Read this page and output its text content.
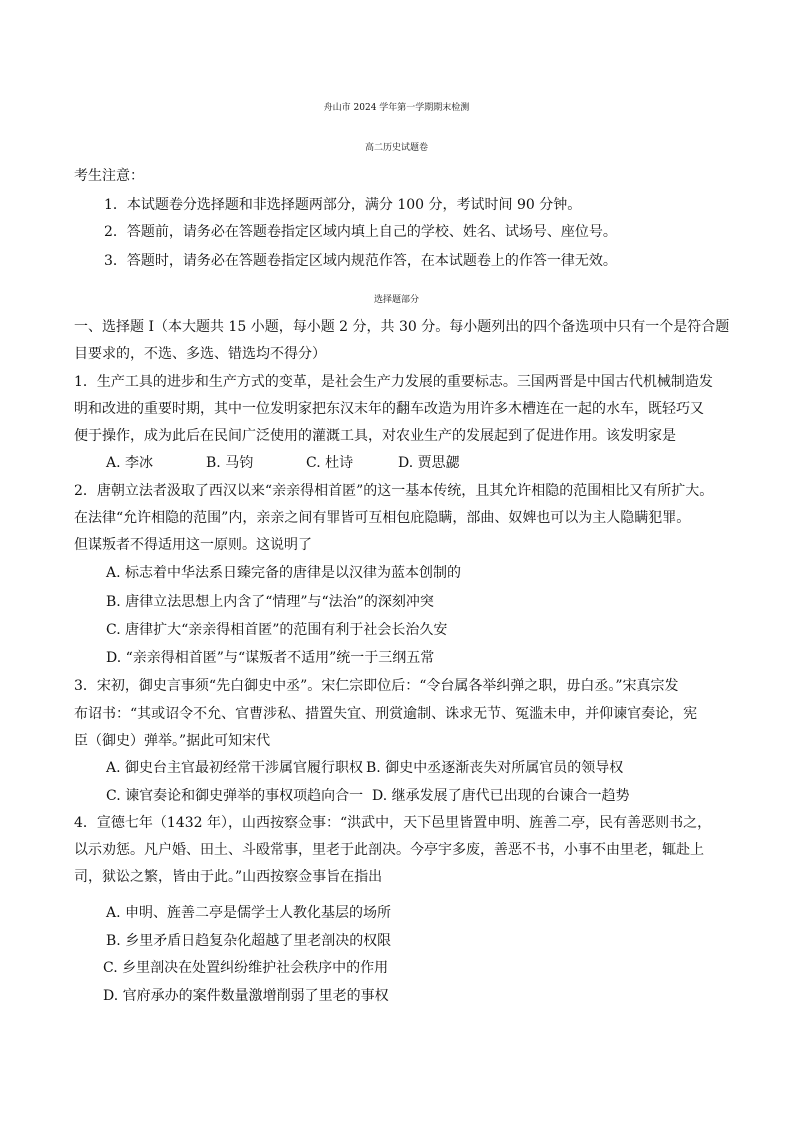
舟山市 2024 学年第一学期期末检测
高二历史试题卷
考生注意：
1．本试题卷分选择题和非选择题两部分，满分 100 分，考试时间 90 分钟。
2．答题前，请务必在答题卷指定区域内填上自己的学校、姓名、试场号、座位号。
3．答题时，请务必在答题卷指定区域内规范作答，在本试题卷上的作答一律无效。
选择题部分
一、选择题 I（本大题共 15 小题，每小题 2 分，共 30 分。每小题列出的四个备选项中只有一个是符合题
目要求的，不选、多选、错选均不得分）
1．生产工具的进步和生产方式的变革，是社会生产力发展的重要标志。三国两晋是中国古代机械制造发
明和改进的重要时期，其中一位发明家把东汉末年的翻车改造为用许多木槽连在一起的水车，既轻巧又
便于操作，成为此后在民间广泛使用的灌溉工具，对农业生产的发展起到了促进作用。该发明家是
A. 李冰	B. 马钧	C. 杜诗	D. 贾思勰
2．唐朝立法者汲取了西汉以来“亲亲得相首匿”的这一基本传统，且其允许相隐的范围相比又有所扩大。
在法律“允许相隐的范围”内，亲亲之间有罪皆可互相包庇隐瞒，部曲、奴婢也可以为主人隐瞒犯罪。
但谋叛者不得适用这一原则。这说明了
A. 标志着中华法系日臻完备的唐律是以汉律为蓝本创制的
B. 唐律立法思想上内含了“情理”与“法治”的深刻冲突
C. 唐律扩大“亲亲得相首匿”的范围有利于社会长治久安
D. “亲亲得相首匿”与“谋叛者不适用”统一于三纲五常
3．宋初，御史言事须“先白御史中丞”。宋仁宗即位后：“令台属各举纠弹之职，毋白丞。”宋真宗发
布诏书：“其或诏令不允、官曹涉私、措置失宜、刑赏逾制、诛求无节、冤滥未申，并仰谏官奏论，宪
臣（御史）弹举。”据此可知宋代
A. 御史台主官最初经常干涉属官履行职权 B. 御史中丞逐渐丧失对所属官员的领导权
C. 谏官奏论和御史弹举的事权项趋向合一 D. 继承发展了唐代已出现的台谏合一趋势
4．宣德七年（1432 年），山西按察佥事：“洪武中，天下邑里皆置申明、旌善二亭，民有善恶则书之，
以示劝惩。凡户婚、田土、斗殴常事，里老于此剖决。今亭宇多废，善恶不书，小事不由里老，辄赴上
司，狱讼之繁，皆由于此。”山西按察佥事旨在指出
A. 申明、旌善二亭是儒学士人教化基层的场所
B. 乡里矛盾日趋复杂化超越了里老剖决的权限
C. 乡里剖决在处置纠纷维护社会秩序中的作用
D. 官府承办的案件数量激增削弱了里老的事权
